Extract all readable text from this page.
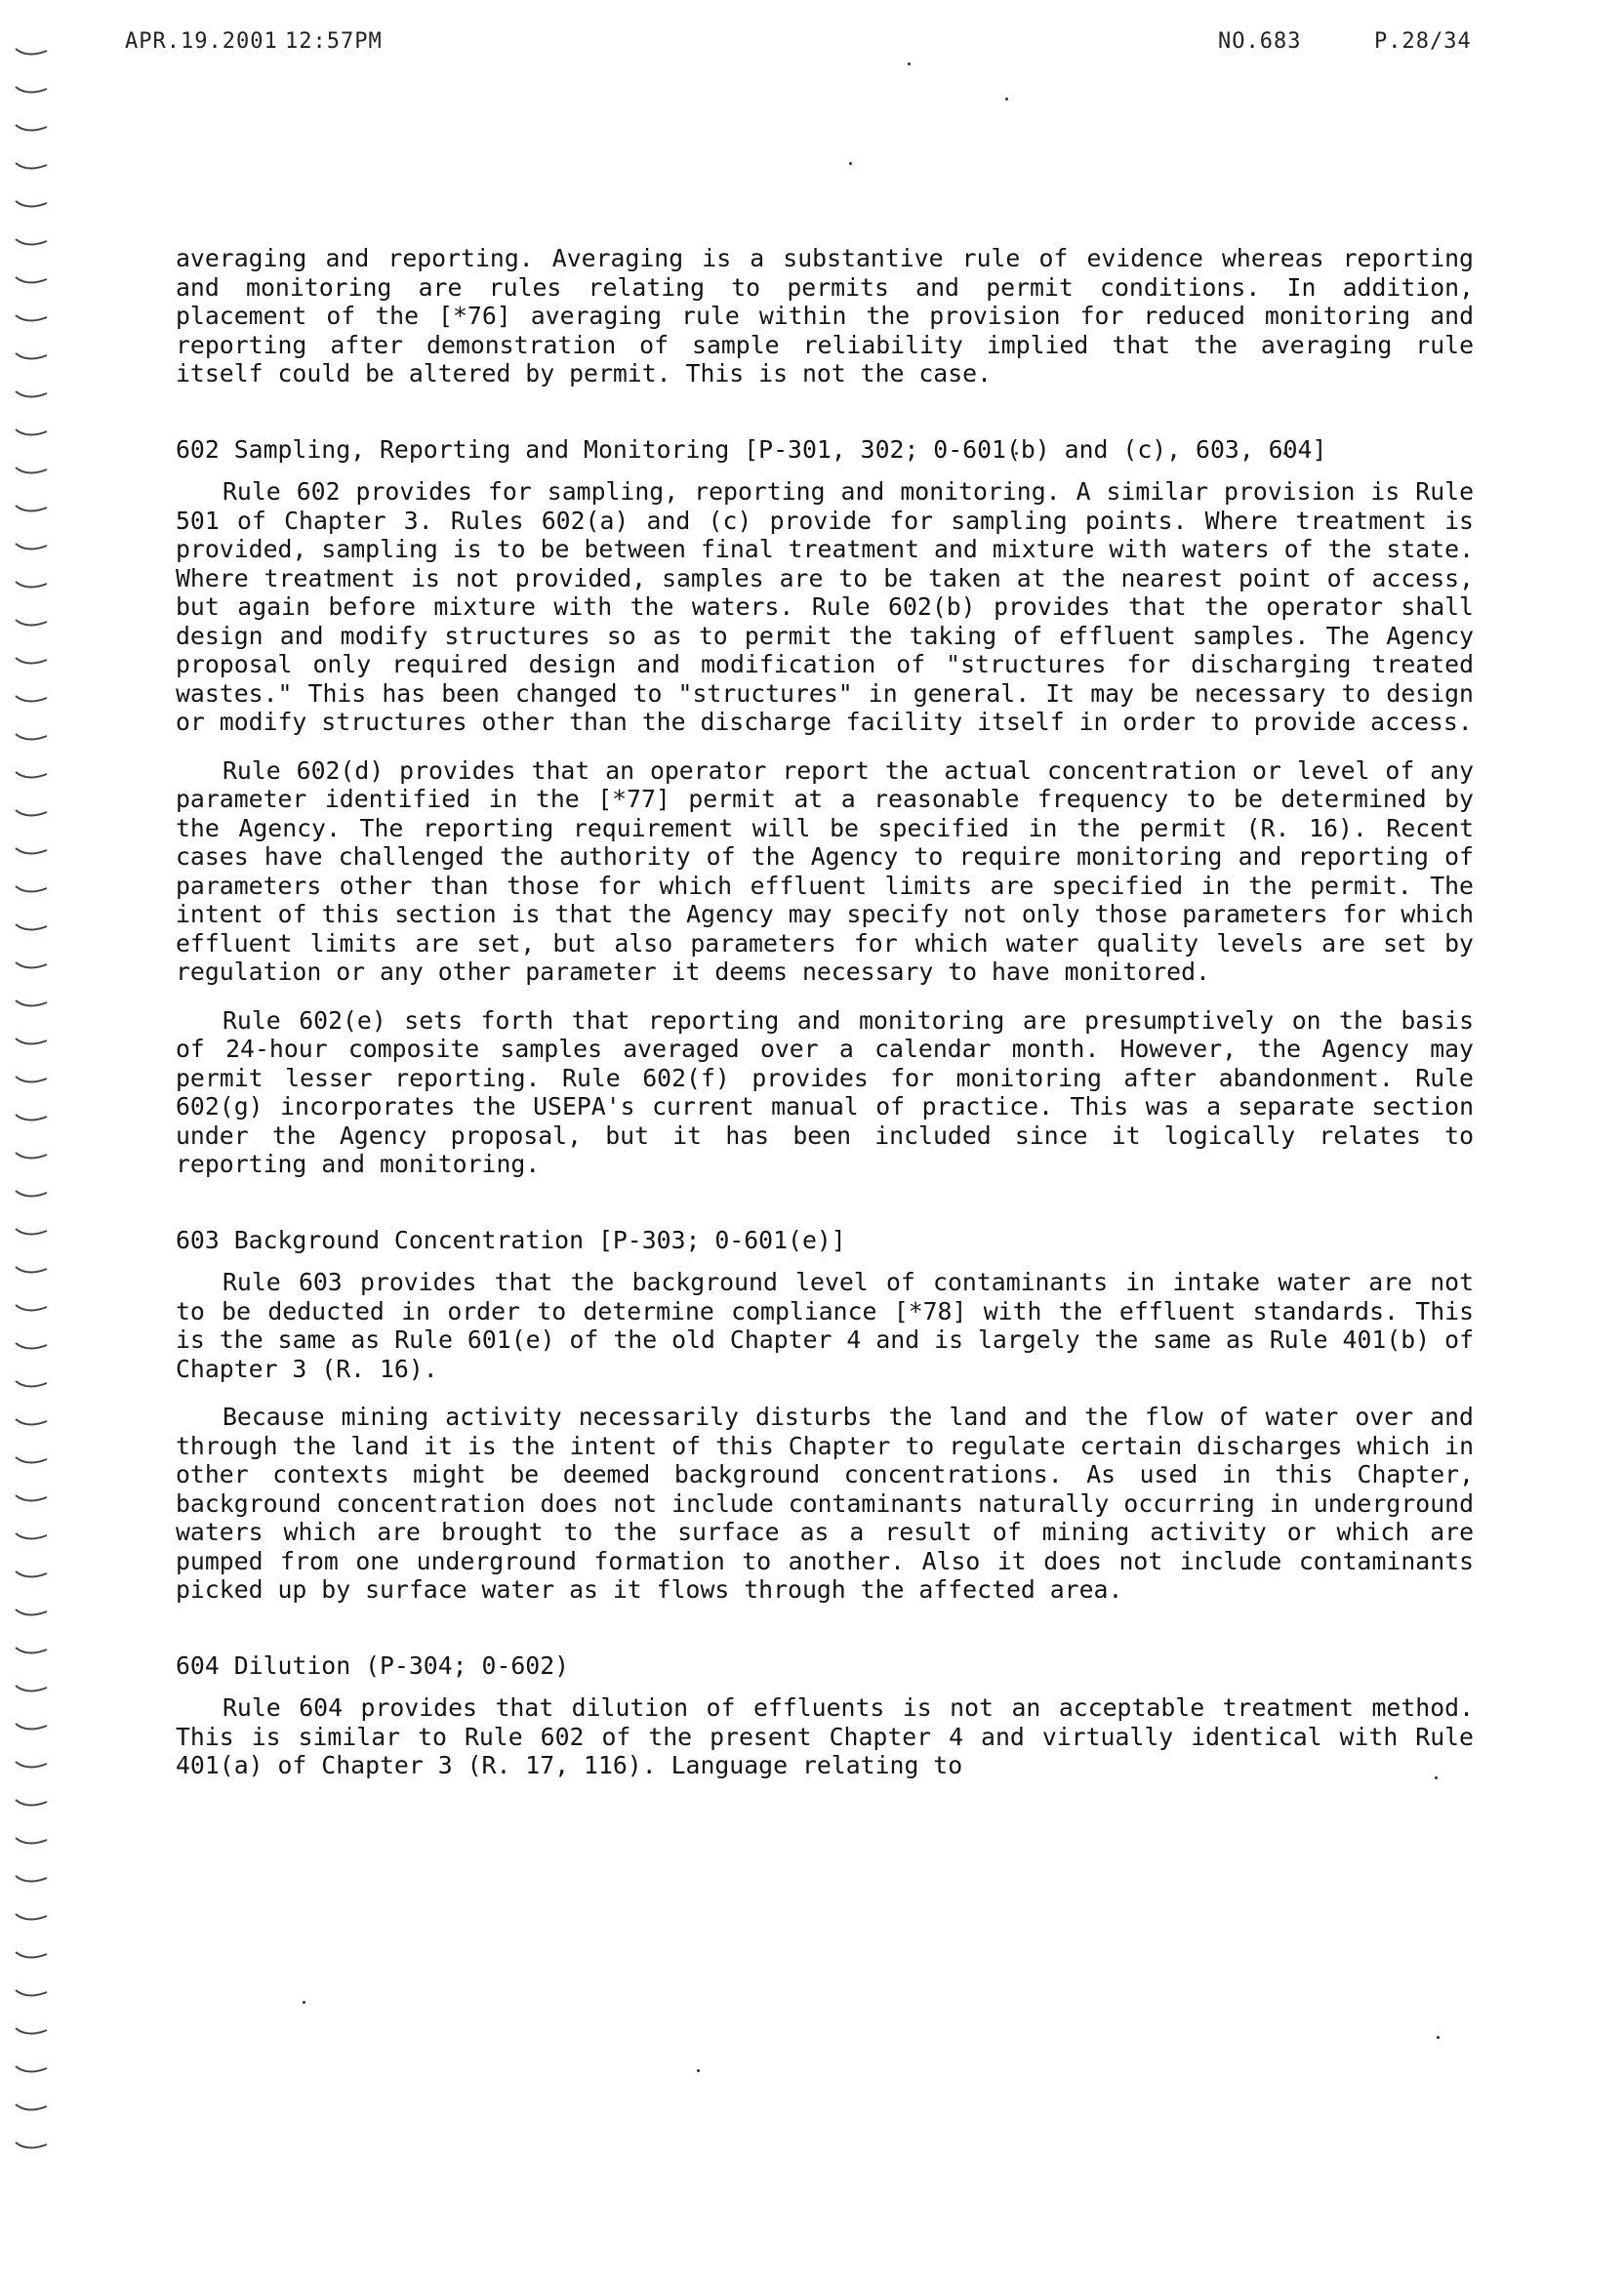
APR.19.2001 12:57PM	NO.683	P.28/34

averaging and reporting. Averaging is a substantive rule of evidence whereas reporting and monitoring are rules relating to permits and permit conditions. In addition, placement of the [*76] averaging rule within the provision for reduced monitoring and reporting after demonstration of sample reliability implied that the averaging rule itself could be altered by permit. This is not the case.

602 Sampling, Reporting and Monitoring [P-301, 302; 0-601(b) and (c), 603, 604]

Rule 602 provides for sampling, reporting and monitoring. A similar provision is Rule 501 of Chapter 3. Rules 602(a) and (c) provide for sampling points. Where treatment is provided, sampling is to be between final treatment and mixture with waters of the state. Where treatment is not provided, samples are to be taken at the nearest point of access, but again before mixture with the waters. Rule 602(b) provides that the operator shall design and modify structures so as to permit the taking of effluent samples. The Agency proposal only required design and modification of "structures for discharging treated wastes." This has been changed to "structures" in general. It may be necessary to design or modify structures other than the discharge facility itself in order to provide access.

Rule 602(d) provides that an operator report the actual concentration or level of any parameter identified in the [*77] permit at a reasonable frequency to be determined by the Agency. The reporting requirement will be specified in the permit (R. 16). Recent cases have challenged the authority of the Agency to require monitoring and reporting of parameters other than those for which effluent limits are specified in the permit. The intent of this section is that the Agency may specify not only those parameters for which effluent limits are set, but also parameters for which water quality levels are set by regulation or any other parameter it deems necessary to have monitored.

Rule 602(e) sets forth that reporting and monitoring are presumptively on the basis of 24-hour composite samples averaged over a calendar month. However, the Agency may permit lesser reporting. Rule 602(f) provides for monitoring after abandonment. Rule 602(g) incorporates the USEPA's current manual of practice. This was a separate section under the Agency proposal, but it has been included since it logically relates to reporting and monitoring.

603 Background Concentration [P-303; 0-601(e)]

Rule 603 provides that the background level of contaminants in intake water are not to be deducted in order to determine compliance [*78] with the effluent standards. This is the same as Rule 601(e) of the old Chapter 4 and is largely the same as Rule 401(b) of Chapter 3 (R. 16).

Because mining activity necessarily disturbs the land and the flow of water over and through the land it is the intent of this Chapter to regulate certain discharges which in other contexts might be deemed background concentrations. As used in this Chapter, background concentration does not include contaminants naturally occurring in underground waters which are brought to the surface as a result of mining activity or which are pumped from one underground formation to another. Also it does not include contaminants picked up by surface water as it flows through the affected area.

604 Dilution (P-304; 0-602)

Rule 604 provides that dilution of effluents is not an acceptable treatment method. This is similar to Rule 602 of the present Chapter 4 and virtually identical with Rule 401(a) of Chapter 3 (R. 17, 116). Language relating to
